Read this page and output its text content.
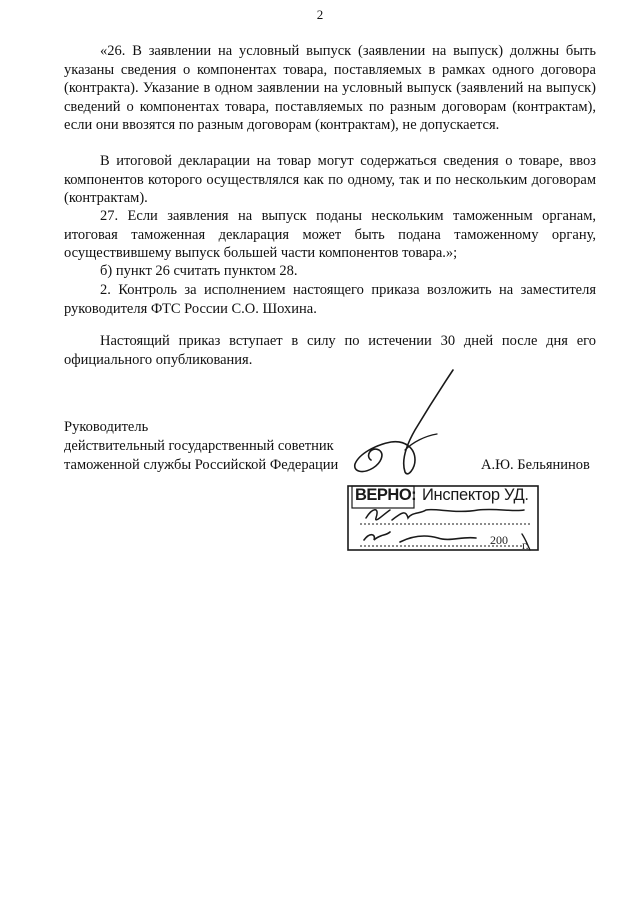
2

«26. В заявлении на условный выпуск (заявлении на выпуск) должны быть указаны сведения о компонентах товара, поставляемых в рамках одного договора (контракта). Указание в одном заявлении на условный выпуск (заявлений на выпуск) сведений о компонентах товара, поставляемых по разным договорам (контрактам), если они ввозятся по разным договорам (контрактам), не допускается.

В итоговой декларации на товар могут содержаться сведения о товаре, ввоз компонентов которого осуществлялся как по одному, так и по нескольким договорам (контрактам).

27. Если заявления на выпуск поданы нескольким таможенным органам, итоговая таможенная декларация может быть подана таможенному органу, осуществившему выпуск большей части компонентов товара.»;

б) пункт 26 считать пунктом 28.

2. Контроль за исполнением настоящего приказа возложить на заместителя руководителя ФТС России С.О. Шохина.

Настоящий приказ вступает в силу по истечении 30 дней после дня его официального опубликования.

Руководитель
действительный государственный советник
таможенной службы Российской Федерации	А.Ю. Бельянинов
ВЕРНО: Инспектор УД.
200 г.
